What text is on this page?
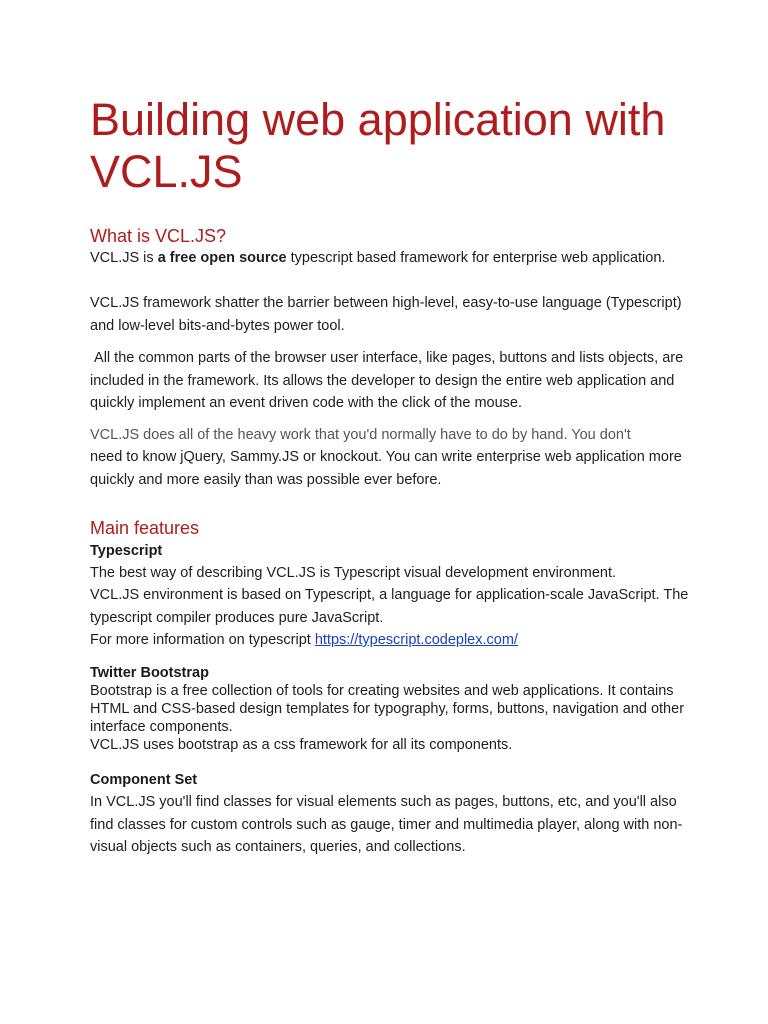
Building web application with VCL.JS
What is VCL.JS?

VCL.JS is a free open source typescript based framework for enterprise web application.

VCL.JS framework shatter the barrier between high-level, easy-to-use language (Typescript) and low-level bits-and-bytes power tool.

All the common parts of the browser user interface, like pages, buttons and lists objects, are included in the framework. Its allows the developer to design the entire web application and quickly implement an event driven code with the click of the mouse.

VCL.JS does all of the heavy work that you'd normally have to do by hand. You don't

need to know jQuery, Sammy.JS or knockout. You can write enterprise web application more quickly and more easily than was possible ever before.

Main features
Typescript

The best way of describing VCL.JS is Typescript visual development environment.

VCL.JS environment is based on Typescript, a language for application-scale JavaScript. The typescript compiler produces pure JavaScript.

For more information on typescript https://typescript.codeplex.com/

Twitter Bootstrap

Bootstrap is a free collection of tools for creating websites and web applications. It contains HTML and CSS-based design templates for typography, forms, buttons, navigation and other interface components.

VCL.JS uses bootstrap as a css framework for all its components.

Component Set

In VCL.JS you'll find classes for visual elements such as pages, buttons, etc, and you'll also find classes for custom controls such as gauge, timer and multimedia player, along with non-visual objects such as containers, queries, and collections.
